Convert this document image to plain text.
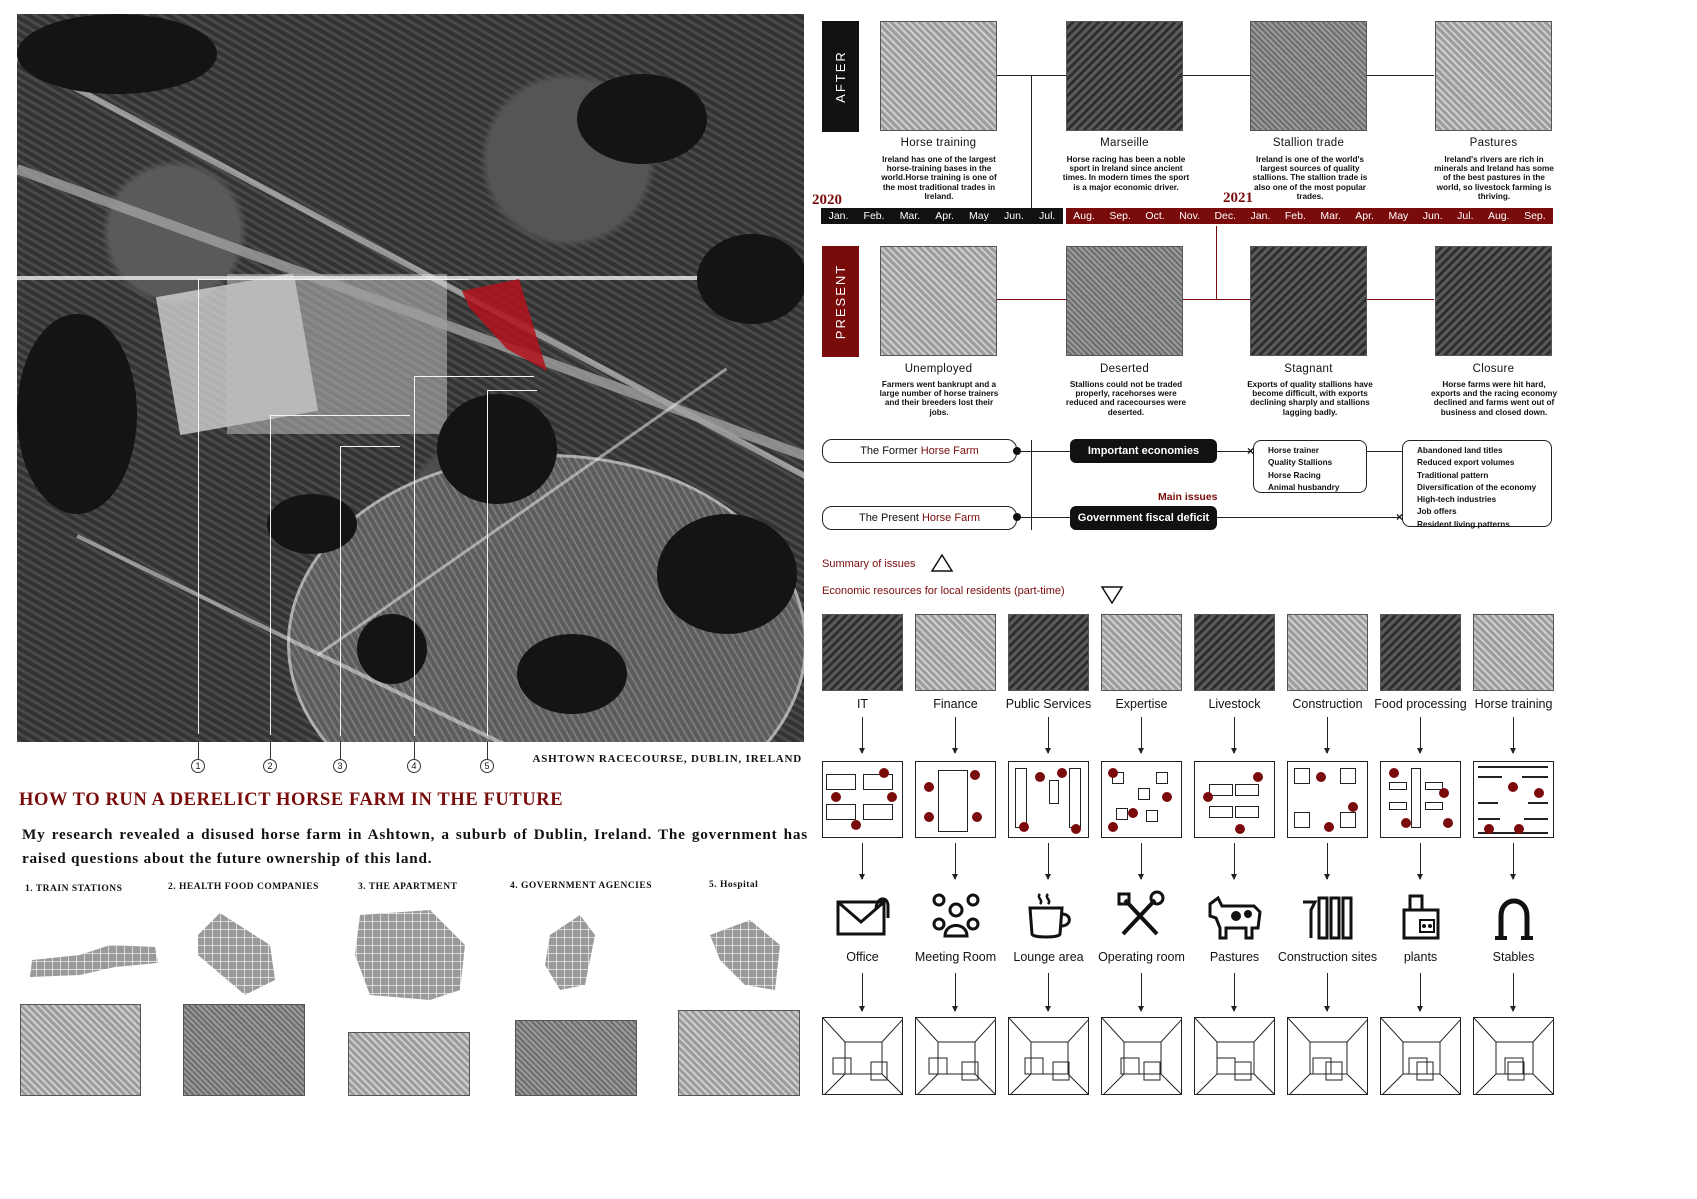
1	2	3	4	5
ASHTOWN RACECOURSE, DUBLIN, IRELAND
HOW TO RUN A DERELICT HORSE FARM IN THE FUTURE
My research revealed a disused horse farm in Ashtown, a suburb of Dublin, Ireland. The government has raised questions about the future ownership of this land.
1. TRAIN STATIONS	2. HEALTH FOOD COMPANIES	3. THE APARTMENT	4. GOVERNMENT AGENCIES	5. Hospital
AFTER
PRESENT
Horse training	Marseille	Stallion trade	Pastures
Ireland has one of the largest horse-training bases in the world.Horse training is one of the most traditional trades in Ireland.
Horse racing has been a noble sport in Ireland since ancient times. In modern times the sport is a major economic driver.
Ireland is one of the world's largest sources of quality stallions. The stallion trade is also one of the most popular trades.
Ireland's rivers are rich in minerals and Ireland has some of the best pastures in the world, so livestock farming is thriving.
2020	2021
Jan. Feb. Mar. Apr. May Jun. Jul. Aug. Sep. Oct. Nov. Dec. Jan. Feb. Mar. Apr. May Jun. Jul. Aug. Sep.
Unemployed	Deserted	Stagnant	Closure
Farmers went bankrupt and a large number of horse trainers and their breeders lost their jobs.
Stallions could not be traded properly, racehorses were reduced and racecourses were deserted.
Exports of quality stallions have become difficult, with exports declining sharply and stallions lagging badly.
Horse farms were hit hard, exports and the racing economy declined and farms went out of business and closed down.
The Former Horse Farm
The Present Horse Farm
Important economies
Government fiscal deficit
Main issues
×
×
Horse trainer
Quality Stallions
Horse Racing
Animal husbandry
Abandoned land titles
Reduced export volumes
Traditional pattern
Diversification of the economy
High-tech industries
Job offers
Resident living patterns
Summary of issues
Economic resources for local residents (part-time)
IT
Office
Finance
Meeting Room
Public Services
Lounge area
Expertise
Operating room
Livestock
Pastures
Construction
Construction sites
Food processing
plants
Horse training
Stables
